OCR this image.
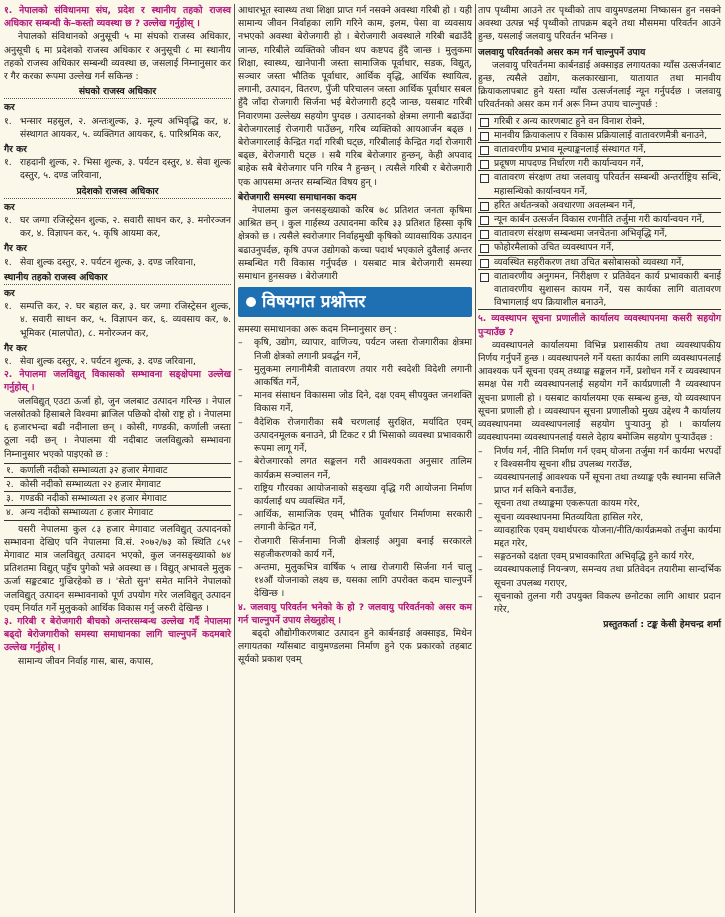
१. नेपालको संविधानमा संघ, प्रदेश र स्थानीय तहको राजस्व अधिकार सम्बन्धी के–कस्तो व्यवस्था छ ? उल्लेख गर्नुहोस् ।

नेपालको संविधानको अनुसूची ५ मा संघको राजस्व अधिकार, अनुसूची ६ मा प्रदेशको राजस्व अधिकार र अनुसूची ८ मा स्थानीय तहको राजस्व अधिकार सम्बन्धी व्यवस्था छ, जसलाई निम्नानुसार कर र गैर करका रूपमा उल्लेख गर्न सकिन्छ :

संघको राजस्व अधिकार
कर
१. भन्सार महसुल, २. अन्तःशुल्क, ३. मूल्य अभिवृद्धि कर, ४. संस्थागत आयकर, ५. व्यक्तिगत आयकर, ६. पारिश्रमिक कर,
गैर कर
१. राहदानी शुल्क, २. भिसा शुल्क, ३. पर्यटन दस्तुर, ४. सेवा शुल्क दस्तुर, ५. दण्ड जरिवाना,
प्रदेशको राजस्व अधिकार
कर
१. घर जग्गा रजिस्ट्रेसन शुल्क, २. सवारी साधन कर, ३. मनोरञ्जन कर, ४. विज्ञापन कर, ५. कृषि आयमा कर,
गैर कर
१. सेवा शुल्क दस्तुर, २. पर्यटन शुल्क, ३. दण्ड जरिवाना,
स्थानीय तहको राजस्व अधिकार
कर
१. सम्पत्ति कर, २. घर बहाल कर, ३. घर जग्गा रजिस्ट्रेसन शुल्क, ४. सवारी साधन कर, ५. विज्ञापन कर, ६. व्यवसाय कर, ७. भूमिकर (मालपोत), ८. मनोरञ्जन कर,
गैर कर
१. सेवा शुल्क दस्तुर, २. पर्यटन शुल्क, ३. दण्ड जरिवाना,
२. नेपालमा जलविद्युत् विकासको सम्भावना सङ्क्षेपमा उल्लेख गर्नुहोस् ।

जलविद्युत् एउटा ऊर्जा हो, जुन जलबाट उत्पादन गरिन्छ । नेपाल जलस्रोतको हिसाबले विश्वमा ब्राजिल पछिको दोस्रो राष्ट्र हो । नेपालमा ६ हजारभन्दा बढी नदीनाला छन् । कोसी, गण्डकी, कर्णाली जस्ता ठूला नदी छन् । नेपालमा यी नदीबाट जलविद्युत्को सम्भावना निम्नानुसार भएको पाइएको छ :

१. कर्णाली नदीको सम्भाव्यता ३२ हजार मेगावाट
२. कोसी नदीको सम्भाव्यता २२ हजार मेगावाट
३. गण्डकी नदीको सम्भाव्यता २१ हजार मेगावाट
४. अन्य नदीको सम्भाव्यता ८ हजार मेगावाट

यसरी नेपालमा कुल ८३ हजार मेगावाट जलविद्युत् उत्पादनको सम्भावना देखिए पनि नेपालमा वि.सं. २०७२/७३ को स्थिति ८५१ मेगावाट मात्र जलविद्युत् उत्पादन भएको, कुल जनसङ्ख्याको ७४ प्रतिशतमा विद्युत् पहुँच पुगेको भन्ने अवस्था छ । विद्युत् अभावले मुलुक ऊर्जा सङ्कटबाट गुज्रिरहेको छ । 'सेतो सुन' समेत मानिने नेपालको जलविद्युत् उत्पादन सम्भावनाको पूर्ण उपयोग गरेर जलविद्युत् उत्पादन एवम् निर्यात गर्ने मुलुकको आर्थिक विकास गर्नु जरुरी देखिन्छ ।

३. गरिबी र बेरोजगारी बीचको अन्तरसम्बन्ध उल्लेख गर्दै नेपालमा बढ्दो बेरोजगारीको समस्या समाधानका लागि चाल्नुपर्ने कदमबारे उल्लेख गर्नुहोस् ।

सामान्य जीवन निर्वाह गास, बास, कपास,

आधारभूत स्वास्थ्य तथा शिक्षा प्राप्त गर्न नसक्ने अवस्था गरिबी हो । यही सामान्य जीवन निर्वाहका लागि गरिने काम, इलम, पेसा वा व्यवसाय नभएको अवस्था बेरोजगारी हो । बेरोजगारी अवस्थाले गरिबी बढाउँदै जान्छ, गरिबीले व्यक्तिको जीवन थप कष्टपद हुँदै जान्छ । मुलुकमा शिक्षा, स्वास्थ्य, खानेपानी जस्ता सामाजिक पूर्वाधार, सडक, विद्युत्, सञ्चार जस्ता भौतिक पूर्वाधार, आर्थिक वृद्धि, आर्थिक स्थायित्व, लगानी, उत्पादन, वितरण, पुँजी परिचालन जस्ता आर्थिक पूर्वाधार सबल हुँदै जाँदा रोजगारी सिर्जना भई बेरोजगारी हट्दै जान्छ, यसबाट गरिबी निवारणमा उल्लेख्य सहयोग पुग्दछ । उत्पादनको क्षेत्रमा लगानी बढाउँदा बेरोजगारलाई रोजगारी पाउँछन्, गरिब व्यक्तिको आयआर्जन बढ्छ । बेरोजगारलाई केन्द्रित गर्दा गरिबी घट्छ, गरिबीलाई केन्द्रित गर्दा रोजगारी बढ्छ, बेरोजगारी घट्छ । सबै गरिब बेरोजगार हुन्छन्, केही अपवाद बाहेक सबै बेरोजगार पनि गरिब नै हुन्छन् । त्यसैले गरिबी र बेरोजगारी एक आपसमा अन्तर सम्बन्धित विषय हुन् ।

बेरोजगारी समस्या समाधानका कदम

नेपालमा कुल जनसङ्ख्याको करिब ७८ प्रतिशत जनता कृषिमा आश्रित छन् । कुल गार्हस्थ्य उत्पादनमा करिब ३३ प्रतिशत हिस्सा कृषि क्षेत्रको छ । त्यसैले स्वरोजगार निर्वाहमुखी कृषिको व्यावसायिक उत्पादन बढाउनुपर्दछ, कृषि उपज उद्योगको कच्चा पदार्थ भएकाले दुवैलाई अन्तर सम्बन्धित गरी विकास गर्नुपर्दछ । यसबाट मात्र बेरोजगारी समस्या समाधान हुनसक्छ । बेरोजगारी

विषयगत प्रश्नोत्तर

समस्या समाधानका अरू कदम निम्नानुसार छन् :

– कृषि, उद्योग, व्यापार, वाणिज्य, पर्यटन जस्ता रोजगारीका क्षेत्रमा निजी क्षेत्रको लगानी प्रवर्द्धन गर्ने,
– मुलुकमा लगानीमैत्री वातावरण तयार गरी स्वदेशी विदेशी लगानी आकर्षित गर्ने,
– मानव संसाधन विकासमा जोड दिने, दक्ष एवम् सीपयुक्त जनशक्ति विकास गर्ने,
– वैदेशिक रोजगारीका सबै चरणलाई सुरक्षित, मर्यादित एवम् उत्पादनमूलक बनाउने, प्री टिकट र प्री भिसाको व्यवस्था प्रभावकारी रूपमा लागू गर्ने,
– बेरोजगारको लगत सङ्कलन गरी आवश्यकता अनुसार तालिम कार्यक्रम सञ्चालन गर्ने,
– राष्ट्रिय गौरवका आयोजनाको सङ्ख्या वृद्धि गरी आयोजना निर्माण कार्यलाई थप व्यवस्थित गर्ने,
– आर्थिक, सामाजिक एवम् भौतिक पूर्वाधार निर्माणमा सरकारी लगानी केन्द्रित गर्ने,
– रोजगारी सिर्जनामा निजी क्षेत्रलाई अगुवा बनाई सरकारले सहजीकरणको कार्य गर्ने,
– अन्तमा, मुलुकभित्र वार्षिक ५ लाख रोजगारी सिर्जना गर्न चालु १४औं योजनाको लक्ष्य छ, यसका लागि उपरोक्त कदम चाल्नुपर्ने देखिन्छ ।
४. जलवायु परिवर्तन भनेको के हो ? जलवायु परिवर्तनको असर कम गर्न चाल्नुपर्ने उपाय लेख्नुहोस् ।

बढ्दो औद्योगीकरणबाट उत्पादन हुने कार्बनडाई अक्साइड, मिथेन लगायतका ग्याँसबाट वायुमण्डलमा निर्माण हुने एक प्रकारको तहबाट सूर्यको प्रकाश एवम्

ताप पृथ्वीमा आउने तर पृथ्वीको ताप वायुमण्डलमा निष्कासन हुन नसक्ने अवस्था उत्पन्न भई पृथ्वीको तापक्रम बढ्ने तथा मौसममा परिवर्तन आउने हुन्छ, यसलाई जलवायु परिवर्तन भनिन्छ ।

जलवायु परिवर्तनको असर कम गर्न चाल्नुपर्ने उपाय

जलवायु परिवर्तनमा कार्बनडाई अक्साइड लगायतका ग्याँस उत्सर्जनबाट हुन्छ, त्यसैले उद्योग, कलकारखाना, यातायात तथा मानवीय क्रियाकलापबाट हुने यस्ता ग्याँस उत्सर्जनलाई न्यून गर्नुपर्दछ । जलवायु परिवर्तनको असर कम गर्न अरू निम्न उपाय चाल्नुपर्छ :

गरिबी र अन्य कारणबाट हुने वन विनाश रोक्ने,
मानवीय क्रियाकलाप र विकास प्रक्रियालाई वातावरणमैत्री बनाउने,
वातावरणीय प्रभाव मूल्याङ्कनलाई संस्थागत गर्ने,
प्रदूषण मापदण्ड निर्धारण गरी कार्यान्वयन गर्ने,
वातावरण संरक्षण तथा जलवायु परिवर्तन सम्बन्धी अन्तर्राष्ट्रिय सन्धि, महासन्धिको कार्यान्वयन गर्ने,
हरित अर्थतन्त्रको अवधारणा अवलम्बन गर्ने,
न्यून कार्बन उत्सर्जन विकास रणनीति तर्जुमा गरी कार्यान्वयन गर्ने,
वातावरण संरक्षण सम्बन्धमा जनचेतना अभिवृद्धि गर्ने,
फोहोरमैलाको उचित व्यवस्थापन गर्ने,
व्यवस्थित सहरीकरण तथा उचित बसोबासको व्यवस्था गर्ने,
वातावरणीय अनुगमन, निरीक्षण र प्रतिवेदन कार्य प्रभावकारी बनाई वातावरणीय सुशासन कायम गर्ने, यस कार्यका लागि वातावरण विभागलाई थप क्रियाशील बनाउने,
५. व्यवस्थापन सूचना प्रणालीले कार्यालय व्यवस्थापनमा कसरी सहयोग पुऱ्याउँछ ?

व्यवस्थापनले कार्यालयमा विभिन्न प्रशासकीय तथा व्यवस्थापकीय निर्णय गर्नुपर्ने हुन्छ । व्यवस्थापनले गर्ने यस्ता कार्यका लागि व्यवस्थापनलाई आवश्यक पर्ने सूचना एवम् तथ्याङ्क सङ्कलन गर्ने, प्रशोधन गर्ने र व्यवस्थापन समक्ष पेस गरी व्यवस्थापनलाई सहयोग गर्ने कार्यप्रणाली नै व्यवस्थापन सूचना प्रणाली हो । यसबाट कार्यालयमा एक सम्बन्ध हुन्छ, यो व्यवस्थापन सूचना प्रणाली हो । व्यवस्थापन सूचना प्रणालीको मुख्य उद्देश्य नै कार्यालय व्यवस्थापनमा व्यवस्थापनलाई सहयोग पुऱ्याउनु हो । कार्यालय व्यवस्थापनमा व्यवस्थापनलाई यसले देहाय बमोजिम सहयोग पुऱ्याउँदछ :

– निर्णय गर्न, नीति निर्माण गर्न एवम् योजना तर्जुमा गर्न कार्यमा भरपर्दो र विश्वसनीय सूचना शीघ्र उपलब्ध गराउँछ,
– व्यवस्थापनलाई आवश्यक पर्ने सूचना तथा तथ्याङ्क एकै स्थानमा सजिलै प्राप्त गर्न सकिने बनाउँछ,
– सूचना तथा तथ्याङ्कमा एकरूपता कायम गरेर,
– सूचना व्यवस्थापनमा मितव्ययिता हासिल गरेर,
– व्यावहारिक एवम् यथार्थपरक योजना/नीति/कार्यक्रमको तर्जुमा कार्यमा मद्दत गरेर,
– सङ्गठनको दक्षता एवम् प्रभावकारिता अभिवृद्धि हुने कार्य गरेर,
– व्यवस्थापकलाई नियन्त्रण, समन्वय तथा प्रतिवेदन तयारीमा सान्दर्भिक सूचना उपलब्ध गराएर,
– सूचनाको तुलना गरी उपयुक्त विकल्प छनोटका लागि आधार प्रदान गरेर,
प्रस्तुतकर्ता : टङ्क केसी हेमचन्द्र शर्मा
